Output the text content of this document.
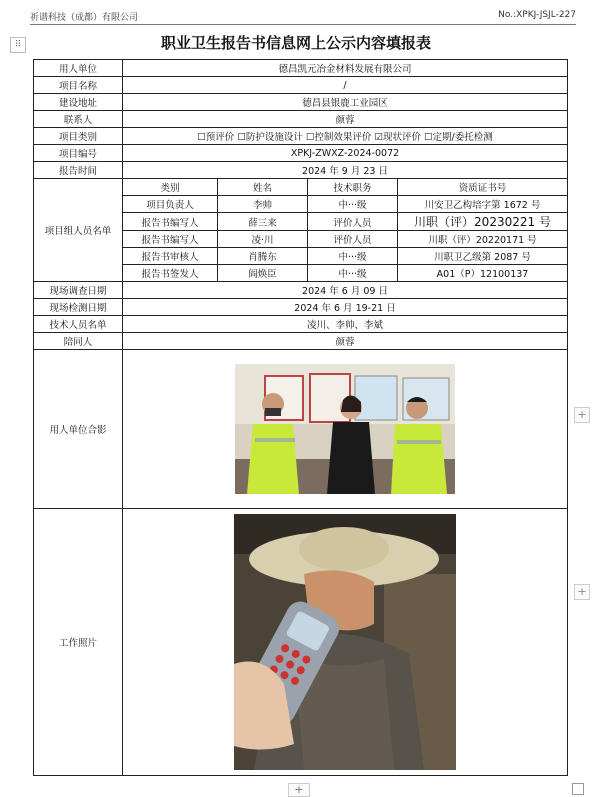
祈谱科技（成都）有限公司	No.:XPKJ-JSJL-227
⠿	职业卫生报告书信息网上公示内容填报表
用人单位	德昌凯元冶金材料发展有限公司			
项目名称	/			
建设地址	德昌县银鹿工业园区			
联系人	颜蓉			
项目类别	☐预评价 ☐防护设施设计 ☐控制效果评价 ☑现状评价 ☐定期/委托检测			
项目编号	XPKJ-ZWXZ-2024-0072			
报告时间	2024 年 9 月 23 日			
项目组人员名单	类别	姓名	技术职务	资质证书号
	项目负责人	李帅	中···级	川安卫乙构培字第 1672 号
	报告书编写人	薛三来	评价人员	川职（评）20230221 号
	报告书编写人	凌·川	评价人员	川职（评）20220171 号
	报告书审核人	肖腾东	中···级	川职卫乙级第 2087 号
	报告书签发人	阎焕臣	中···级	A01（P）12100137
现场调查日期	2024 年 6 月 09 日			
现场检测日期	2024 年 6 月 19-21 日			
技术人员名单	凌川、李帅、李斌			
陪同人	颜蓉			
用人单位合影	

工作照片	
+
+
+
